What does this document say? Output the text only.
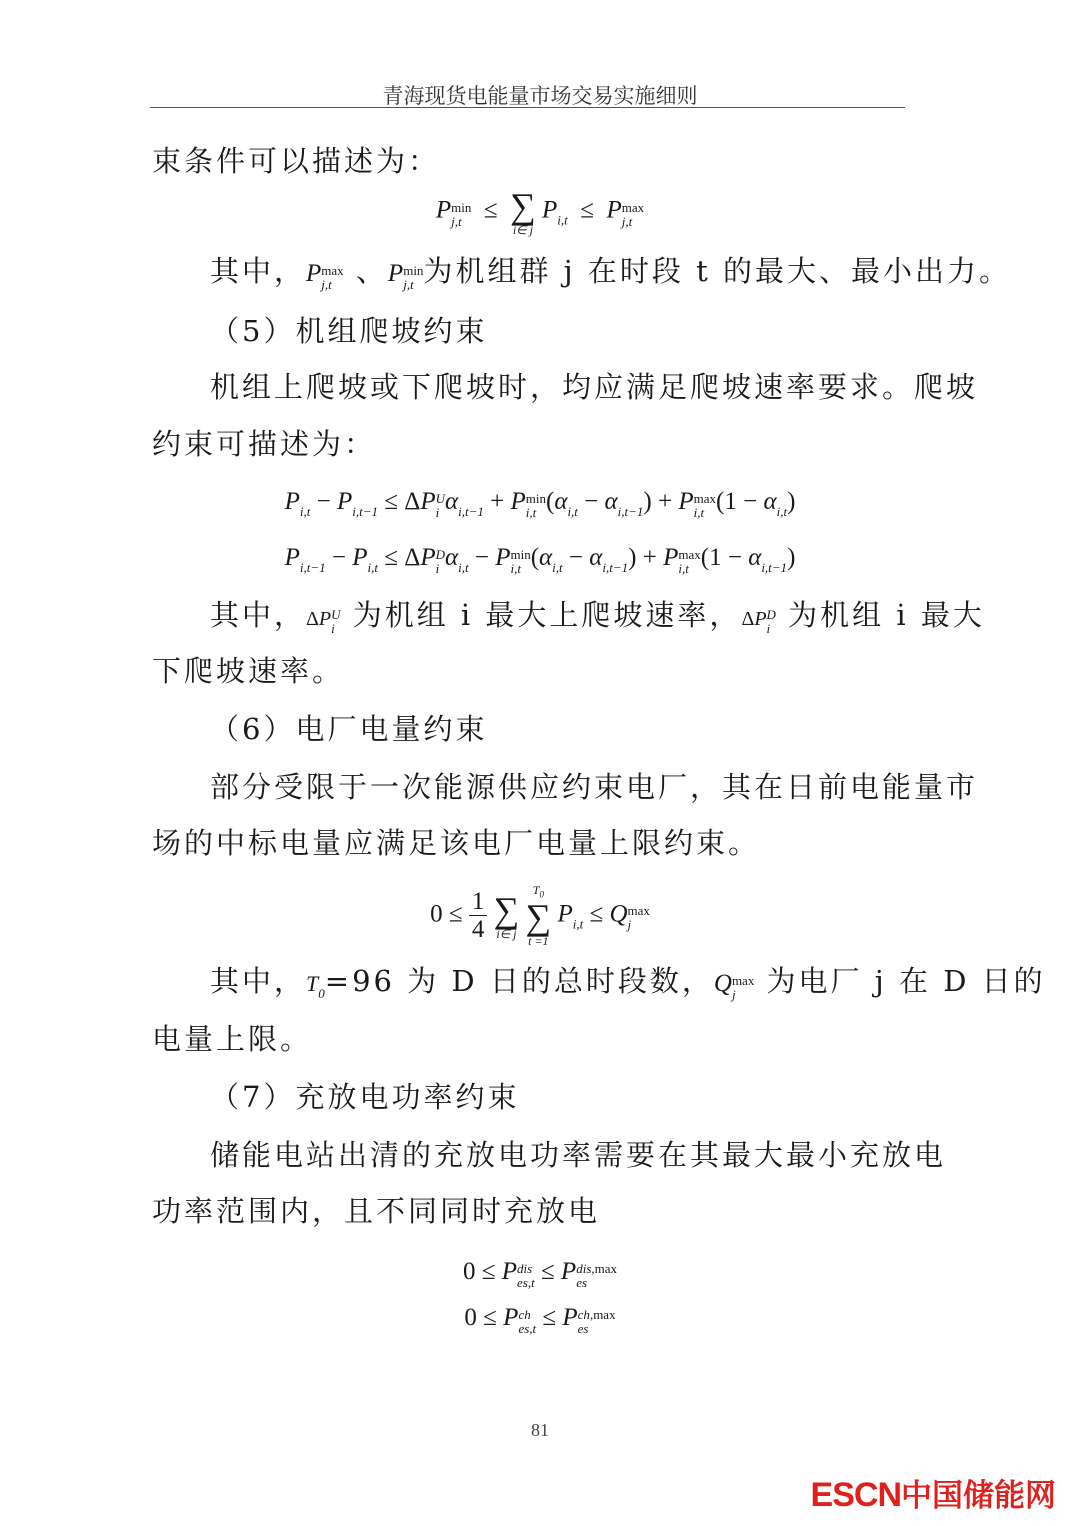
青海现货电能量市场交易实施细则
束条件可以描述为：
P min
j,t ≤ ∑
i∈ j
$P_{i,t} \le P$ max
j,t
其中，P max
j,t 、P min
j,t 为机组群 j 在时段 t 的最大、最小出力。
（5）机组爬坡约束
机组上爬坡或下爬坡时，均应满足爬坡速率要求。爬坡
约束可描述为：
$P_{i,t} - P_{i,t-1} \le \Delta P$ U
i $\alpha_{i,t-1} + P$ min
i,t $(\alpha_{i,t} - \alpha_{i,t-1}) + P$ max
i,t $(1 - \alpha_{i,t})$
$P_{i,t-1} - P_{i,t} \le \Delta P$ D
i $\alpha_{i,t} - P$ min
i,t $(\alpha_{i,t} - \alpha_{i,t-1}) + P$ max
i,t $(1 - \alpha_{i,t-1})$
其中，ΔP U
i 为机组 i 最大上爬坡速率，ΔP D
i 为机组 i 最大
下爬坡速率。
（6）电厂电量约束
部分受限于一次能源供应约束电厂，其在日前电能量市
场的中标电量应满足该电厂电量上限约束。
$0 \le \frac{1}{4}$
∑
i∈ j

$T_0$
∑
t =1
$P_{i,t} \le Q$ max
j
其中，$T_0=96$ 为 D 日的总时段数，Q max
j	为电厂 j 在 D 日的
电量上限。
（7）充放电功率约束
储能电站出清的充放电功率需要在其最大最小充放电
功率范围内，且不同同时充放电
0 ≤ P dis
es,t ≤ P dis,max
es
0 ≤ P ch
es,t ≤ P ch,max
es
81
ESCN中国储能网
